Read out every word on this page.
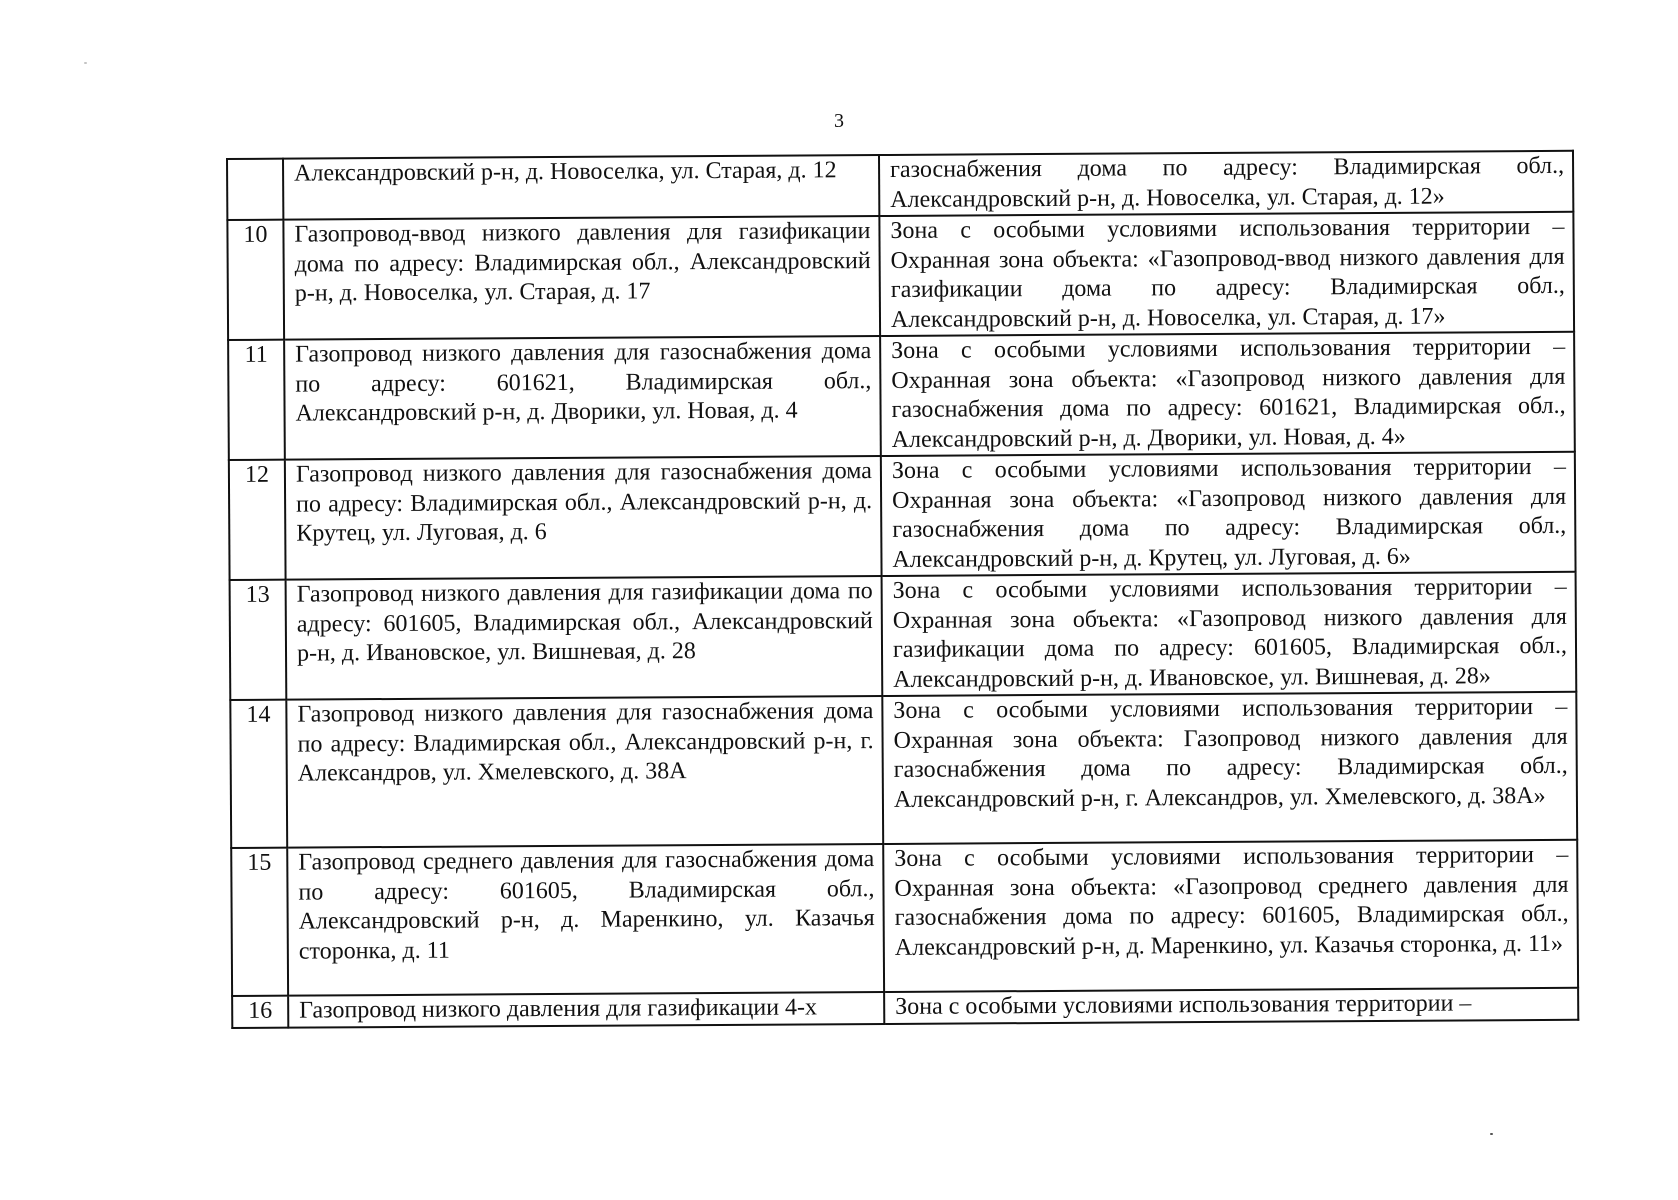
3
	Александровский р-н, д. Новоселка, ул. Старая, д. 12	газоснабжения дома по адресу: Владимирская обл., Александровский р-н, д. Новоселка, ул. Старая, д. 12»
10	Газопровод-ввод низкого давления для газификации дома по адресу: Владимирская обл., Александровский р-н, д. Новоселка, ул. Старая, д. 17	Зона с особыми условиями использования территории – Охранная зона объекта: «Газопровод-ввод низкого давления для газификации дома по адресу: Владимирская обл., Александровский р-н, д. Новоселка, ул. Старая, д. 17»
11	Газопровод низкого давления для газоснабжения дома по адресу: 601621, Владимирская обл., Александровский р-н, д. Дворики, ул. Новая, д. 4	Зона с особыми условиями использования территории – Охранная зона объекта: «Газопровод низкого давления для газоснабжения дома по адресу: 601621, Владимирская обл., Александровский р-н, д. Дворики, ул. Новая, д. 4»
12	Газопровод низкого давления для газоснабжения дома по адресу: Владимирская обл., Александровский р-н, д. Крутец, ул. Луговая, д. 6	Зона с особыми условиями использования территории – Охранная зона объекта: «Газопровод низкого давления для газоснабжения дома по адресу: Владимирская обл., Александровский р-н, д. Крутец, ул. Луговая, д. 6»
13	Газопровод низкого давления для газификации дома по адресу: 601605, Владимирская обл., Александровский р-н, д. Ивановское, ул. Вишневая, д. 28	Зона с особыми условиями использования территории – Охранная зона объекта: «Газопровод низкого давления для газификации дома по адресу: 601605, Владимирская обл., Александровский р-н, д. Ивановское, ул. Вишневая, д. 28»
14	Газопровод низкого давления для газоснабжения дома по адресу: Владимирская обл., Александровский р-н, г. Александров, ул. Хмелевского, д. 38А	Зона с особыми условиями использования территории – Охранная зона объекта: Газопровод низкого давления для газоснабжения дома по адресу: Владимирская обл., Александровский р-н, г. Александров, ул. Хмелевского, д. 38А»
15	Газопровод среднего давления для газоснабжения дома по адресу: 601605, Владимирская обл., Александровский р-н, д. Маренкино, ул. Казачья сторонка, д. 11	Зона с особыми условиями использования территории – Охранная зона объекта: «Газопровод среднего давления для газоснабжения дома по адресу: 601605, Владимирская обл., Александровский р-н, д. Маренкино, ул. Казачья сторонка, д. 11»
16	Газопровод низкого давления для газификации 4-х	Зона с особыми условиями использования территории –
